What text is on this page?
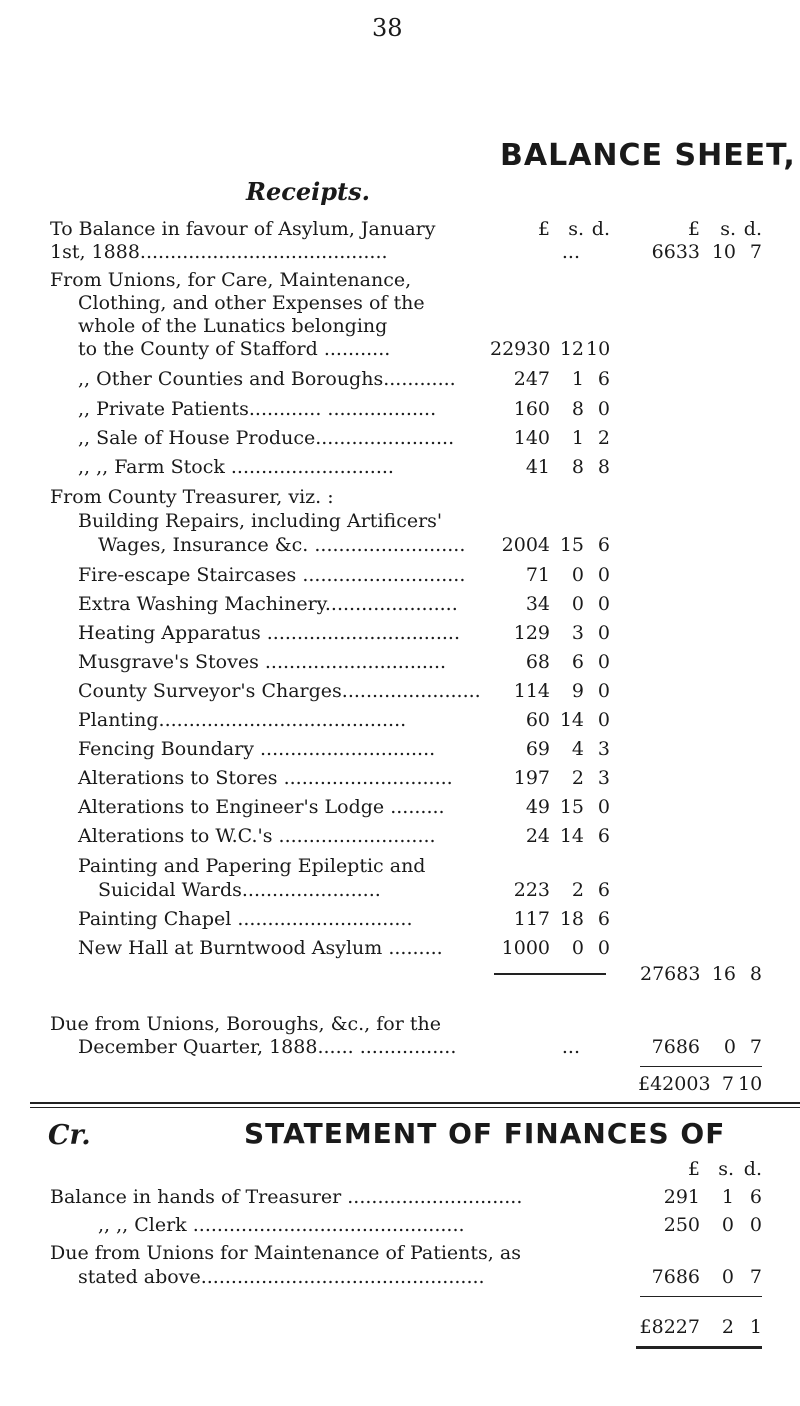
38
BALANCE SHEET,
Receipts.
£ s. d.	£	s. d.
To Balance in favour of Asylum, January
1st, 1888.........................................	...	6633 10 7
From Unions, for Care, Maintenance,
Clothing, and other Expenses of the
whole of the Lunatics belonging
to the County of Stafford ...........	22930 12 10
,, Other Counties and Boroughs............	247	1 6
,, Private Patients............ ..................	160	8 0
,, Sale of House Produce.......................	140	1 2
,, ,, Farm Stock ...........................	41	8 8
From County Treasurer, viz. :
Building Repairs, including Artificers'
Wages, Insurance &c. .........................	2004 15 6
Fire-escape Staircases ...........................	71	0 0
Extra Washing Machinery......................	34	0 0
Heating Apparatus ................................	129	3 0
Musgrave's Stoves ..............................	68	6 0
County Surveyor's Charges.......................	114	9 0
Planting.........................................	60 14 0
Fencing Boundary .............................	69	4 3
Alterations to Stores ............................	197	2 3
Alterations to Engineer's Lodge .........	49 15 0
Alterations to W.C.'s ..........................	24 14 6
Painting and Papering Epileptic and
Suicidal Wards.......................	223	2 6
Painting Chapel .............................	117 18 6
New Hall at Burntwood Asylum .........	1000	0 0
27683 16 8
Due from Unions, Boroughs, &c., for the
December Quarter, 1888...... ................	...	7686	0 7
£42003 7 10
Cr.	STATEMENT OF FINANCES OF
£ s. d.
Balance in hands of Treasurer .............................	291	1 6
,, ,, Clerk .............................................	250	0 0
Due from Unions for Maintenance of Patients, as
stated above...............................................	7686	0 7
£8227	2 1
